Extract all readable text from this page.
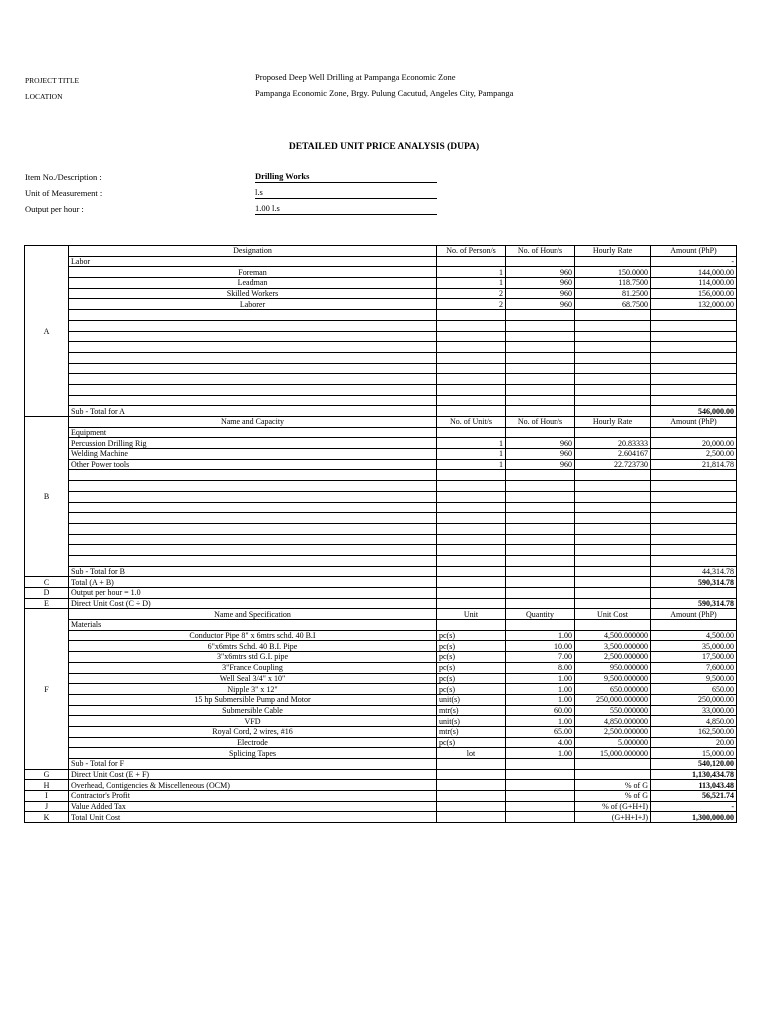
PROJECT TITLE	Proposed Deep Well Drilling at Pampanga Economic Zone
LOCATION	Pampanga Economic Zone, Brgy. Pulung Cacutud, Angeles City, Pampanga
DETAILED UNIT PRICE ANALYSIS (DUPA)
Item No./Description :	Drilling Works
Unit of Measurement :	l.s
Output per hour :	1.00 l.s
A	Designation	No. of Person/s	No. of Hour/s	Hourly Rate	Amount (PhP)
	Labor				-
	Foreman	1	960	150.0000	144,000.00
	Leadman	1	960	118.7500	114,000.00
	Skilled Workers	2	960	81.2500	156,000.00
	Laborer	2	960	68.7500	132,000.00

	Sub - Total for A				546,000.00
B	Name and Capacity	No. of Unit/s	No. of Hour/s	Hourly Rate	Amount (PhP)
	Equipment				
	Percussion Drilling Rig	1	960	20.83333	20,000.00
	Welding Machine	1	960	2.604167	2,500.00
	Other Power tools	1	960	22.723730	21,814.78

	Sub - Total for B				44,314.78
C	Total (A + B)				590,314.78
D	Output per hour = 1.0				
E	Direct Unit Cost (C ÷ D)				590,314.78
F	Name and Specification	Unit	Quantity	Unit Cost	Amount (PhP)
	Materials				
	Conductor Pipe 8" x 6mtrs schd. 40 B.I	pc(s)	1.00	4,500.000000	4,500.00
	6"x6mtrs Schd. 40 B.I. Pipe	pc(s)	10.00	3,500.000000	35,000.00
	3"x6mtrs std G.I. pipe	pc(s)	7.00	2,500.000000	17,500.00
	3"France Coupling	pc(s)	8.00	950.000000	7,600.00
	Well Seal 3/4" x 10"	pc(s)	1.00	9,500.000000	9,500.00
	Nipple 3" x 12"	pc(s)	1.00	650.000000	650.00
	15 hp Submersible Pump and Motor	unit(s)	1.00	250,000.000000	250,000.00
	Submersible Cable	mtr(s)	60.00	550.000000	33,000.00
	VFD	unit(s)	1.00	4,850.000000	4,850.00
	Royal Cord, 2 wires, #16	mtr(s)	65.00	2,500.000000	162,500.00
	Electrode	pc(s)	4.00	5.000000	20.00
	Splicing Tapes	lot	1.00	15,000.000000	15,000.00
	Sub - Total for F				540,120.00
G	Direct Unit Cost (E + F)				1,130,434.78
H	Overhead, Contigencies & Miscelleneous (OCM)			% of G	113,043.48
I	Contractor's Profit			% of G	56,521.74
J	Value Added Tax			% of (G+H+I)	-
K	Total Unit Cost			(G+H+I+J)	1,300,000.00
